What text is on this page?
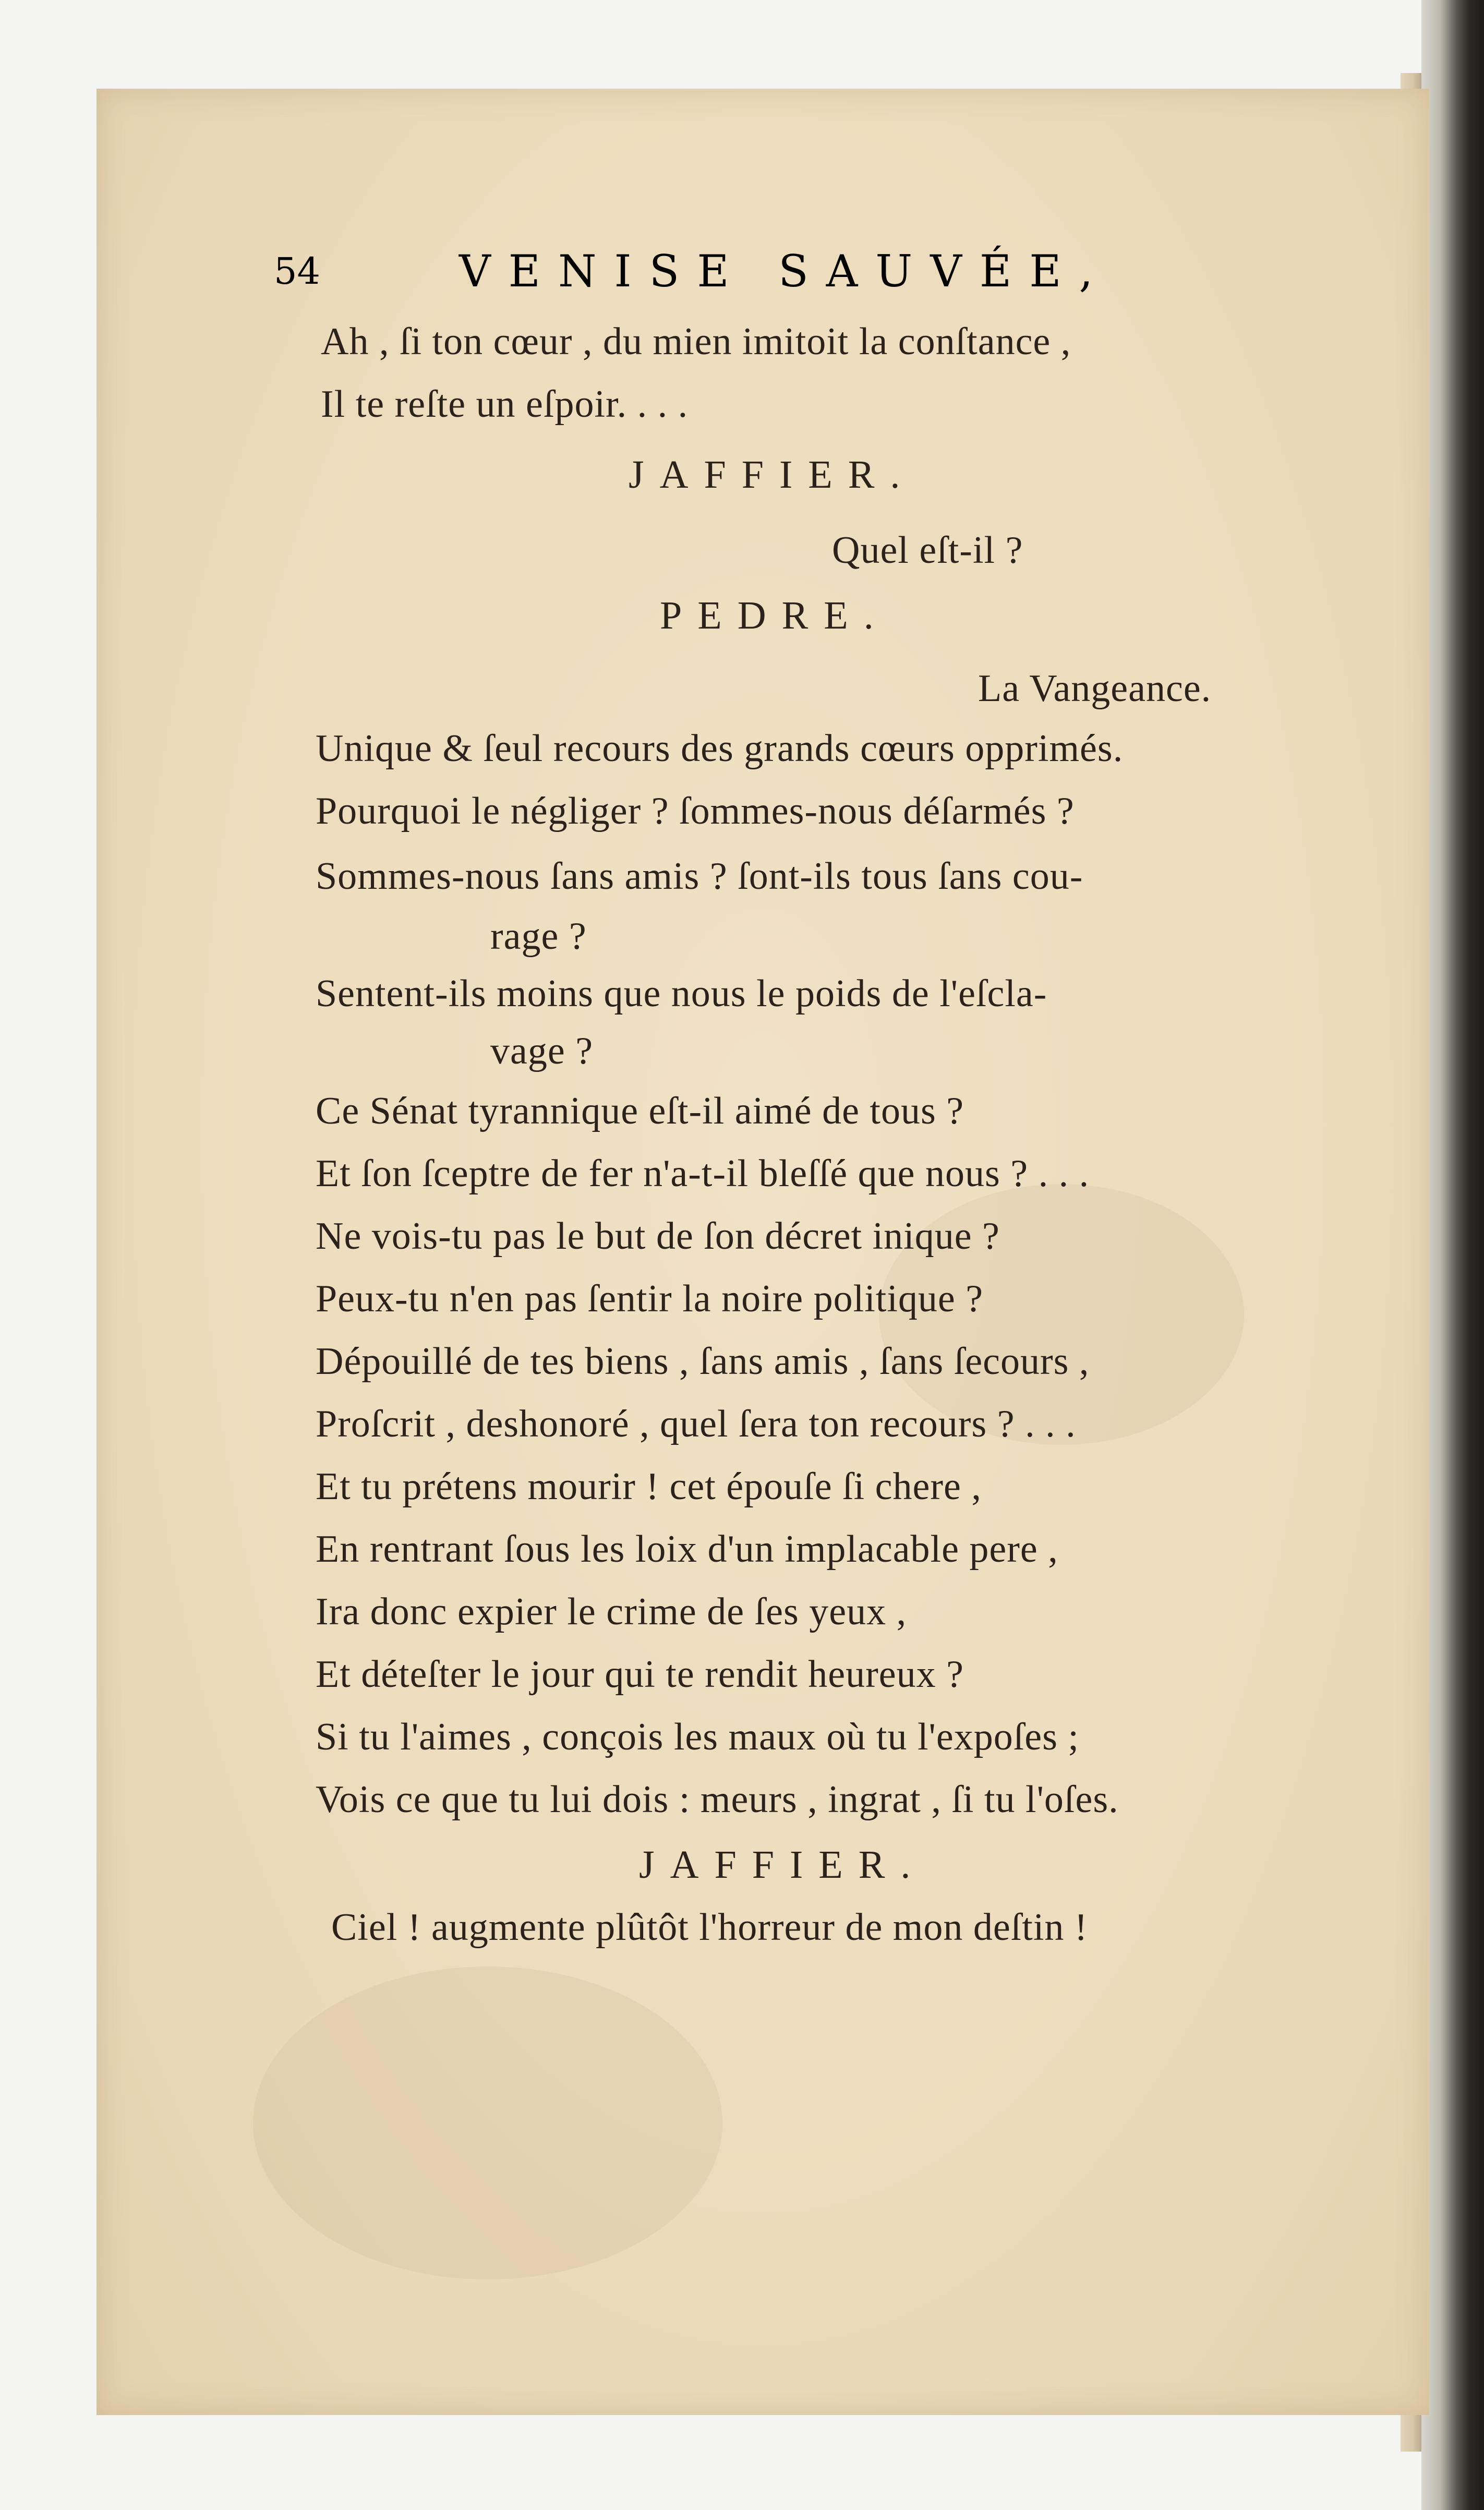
54	VENISE SAUVÉE,
Ah , ſi ton cœur , du mien imitoit la conſtance ,
Il te reſte un eſpoir. . . .
JAFFIER.
Quel eſt-il ?
PEDRE.
La Vangeance.
Unique & ſeul recours des grands cœurs opprimés.
Pourquoi le négliger ? ſommes-nous déſarmés ?
Sommes-nous ſans amis ? ſont-ils tous ſans cou-
rage ?
Sentent-ils moins que nous le poids de l'eſcla-
vage ?
Ce Sénat tyrannique eſt-il aimé de tous ?
Et ſon ſceptre de fer n'a-t-il bleſſé que nous ? . . .
Ne vois-tu pas le but de ſon décret inique ?
Peux-tu n'en pas ſentir la noire politique ?
Dépouillé de tes biens , ſans amis , ſans ſecours ,
Proſcrit , deshonoré , quel ſera ton recours ? . . .
Et tu prétens mourir ! cet épouſe ſi chere ,
En rentrant ſous les loix d'un implacable pere ,
Ira donc expier le crime de ſes yeux ,
Et déteſter le jour qui te rendit heureux ?
Si tu l'aimes , conçois les maux où tu l'expoſes ;
Vois ce que tu lui dois : meurs , ingrat , ſi tu l'oſes.
JAFFIER.
Ciel ! augmente plûtôt l'horreur de mon deſtin !
